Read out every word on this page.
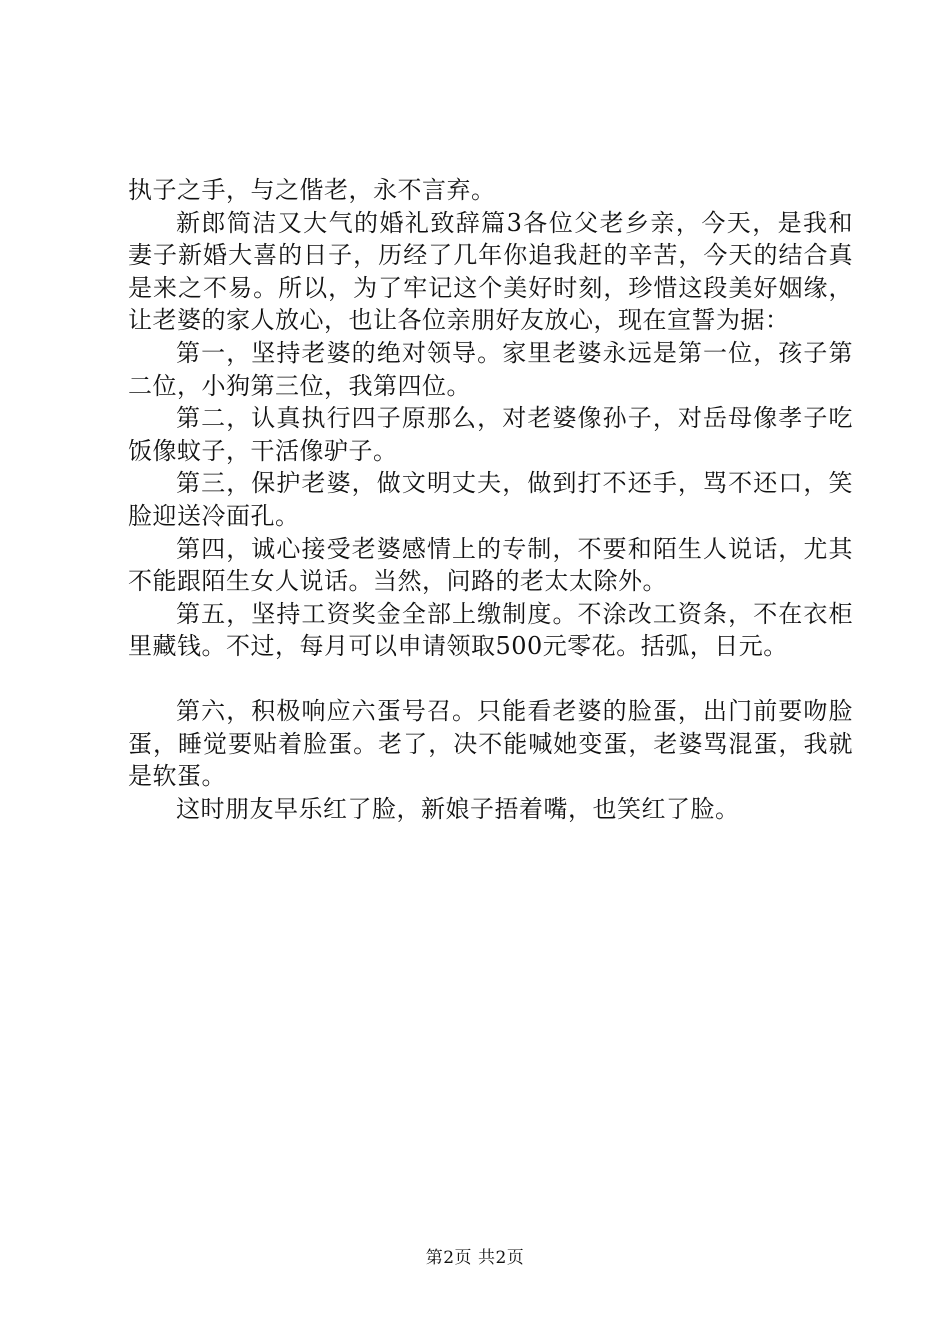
执子之手，与之偕老，永不言弃。

新郎简洁又大气的婚礼致辞篇3各位父老乡亲，今天，是我和妻子新婚大喜的日子，历经了几年你追我赶的辛苦，今天的结合真是来之不易。所以，为了牢记这个美好时刻，珍惜这段美好姻缘，让老婆的家人放心，也让各位亲朋好友放心，现在宣誓为据：

第一，坚持老婆的绝对领导。家里老婆永远是第一位，孩子第二位，小狗第三位，我第四位。

第二，认真执行四子原那么，对老婆像孙子，对岳母像孝子吃饭像蚊子，干活像驴子。

第三，保护老婆，做文明丈夫，做到打不还手，骂不还口，笑脸迎送冷面孔。

第四，诚心接受老婆感情上的专制，不要和陌生人说话，尤其不能跟陌生女人说话。当然，问路的老太太除外。

第五，坚持工资奖金全部上缴制度。不涂改工资条，不在衣柜里藏钱。不过，每月可以申请领取500元零花。括弧，日元。

第六，积极响应六蛋号召。只能看老婆的脸蛋，出门前要吻脸蛋，睡觉要贴着脸蛋。老了，决不能喊她变蛋，老婆骂混蛋，我就是软蛋。

这时朋友早乐红了脸，新娘子捂着嘴，也笑红了脸。

第2页 共2页
